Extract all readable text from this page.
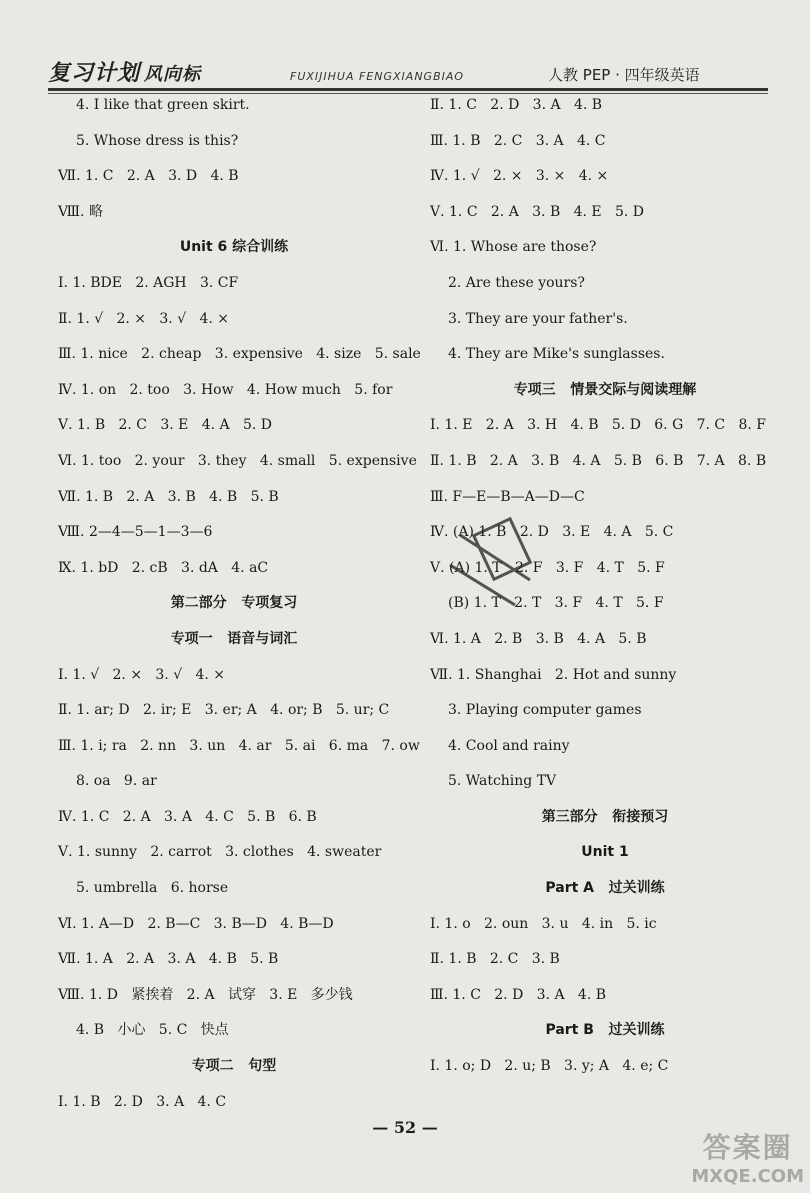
复习计划 风向标	FUXIJIHUA FENGXIANGBIAO	人教 PEP · 四年级英语
4. I like that green skirt.
5. Whose dress is this?
Ⅶ. 1. C   2. A   3. D   4. B
Ⅷ. 略
Unit 6 综合训练
Ⅰ. 1. BDE   2. AGH   3. CF
Ⅱ. 1. √   2. ×   3. √   4. ×
Ⅲ. 1. nice   2. cheap   3. expensive   4. size   5. sale
Ⅳ. 1. on   2. too   3. How   4. How much   5. for
Ⅴ. 1. B   2. C   3. E   4. A   5. D
Ⅵ. 1. too   2. your   3. they   4. small   5. expensive
Ⅶ. 1. B   2. A   3. B   4. B   5. B
Ⅷ. 2—4—5—1—3—6
Ⅸ. 1. bD   2. cB   3. dA   4. aC
第二部分   专项复习
专项一   语音与词汇
Ⅰ. 1. √   2. ×   3. √   4. ×
Ⅱ. 1. ar; D   2. ir; E   3. er; A   4. or; B   5. ur; C
Ⅲ. 1. i; ra   2. nn   3. un   4. ar   5. ai   6. ma   7. ow
8. oa   9. ar
Ⅳ. 1. C   2. A   3. A   4. C   5. B   6. B
Ⅴ. 1. sunny   2. carrot   3. clothes   4. sweater
5. umbrella   6. horse
Ⅵ. 1. A—D   2. B—C   3. B—D   4. B—D
Ⅶ. 1. A   2. A   3. A   4. B   5. B
Ⅷ. 1. D   紧挨着   2. A   试穿   3. E   多少钱
4. B   小心   5. C   快点
专项二   句型
Ⅰ. 1. B   2. D   3. A   4. C
Ⅱ. 1. C   2. D   3. A   4. B
Ⅲ. 1. B   2. C   3. A   4. C
Ⅳ. 1. √   2. ×   3. ×   4. ×
Ⅴ. 1. C   2. A   3. B   4. E   5. D
Ⅵ. 1. Whose are those?
2. Are these yours?
3. They are your father's.
4. They are Mike's sunglasses.
专项三   情景交际与阅读理解
Ⅰ. 1. E   2. A   3. H   4. B   5. D   6. G   7. C   8. F
Ⅱ. 1. B   2. A   3. B   4. A   5. B   6. B   7. A   8. B
Ⅲ. F—E—B—A—D—C
Ⅳ. (A) 1. B   2. D   3. E   4. A   5. C
Ⅴ. (A) 1. T   2. F   3. F   4. T   5. F
(B) 1. T   2. T   3. F   4. T   5. F
Ⅵ. 1. A   2. B   3. B   4. A   5. B
Ⅶ. 1. Shanghai   2. Hot and sunny
3. Playing computer games
4. Cool and rainy
5. Watching TV
第三部分   衔接预习
Unit 1
Part A   过关训练
Ⅰ. 1. o   2. oun   3. u   4. in   5. ic
Ⅱ. 1. B   2. C   3. B
Ⅲ. 1. C   2. D   3. A   4. B
Part B   过关训练
Ⅰ. 1. o; D   2. u; B   3. y; A   4. e; C
— 52 —
答案圈
MXQE.COM
